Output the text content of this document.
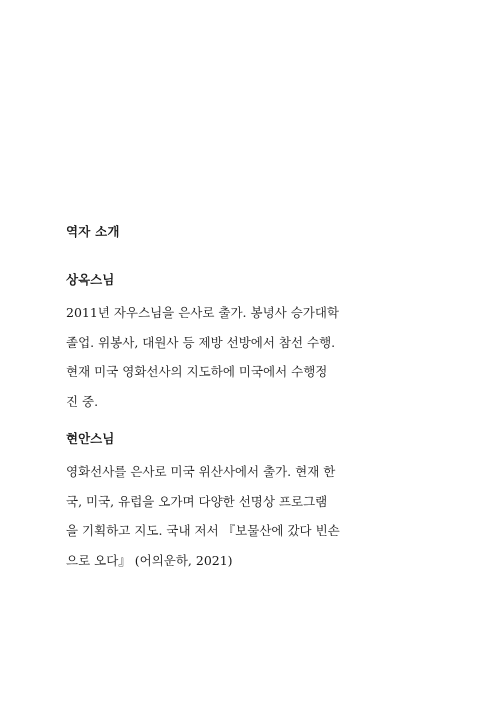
역자 소개
상옥스님

2011년 자우스님을 은사로 출가. 봉녕사 승가대학

졸업. 위봉사, 대원사 등 제방 선방에서 참선 수행.

현재 미국 영화선사의 지도하에 미국에서 수행정

진 중.

현안스님

영화선사를 은사로 미국 위산사에서 출가. 현재 한

국, 미국, 유럽을 오가며 다양한 선명상 프로그램

을 기획하고 지도. 국내 저서 『보물산에 갔다 빈손

으로 오다』 (어의운하, 2021)
